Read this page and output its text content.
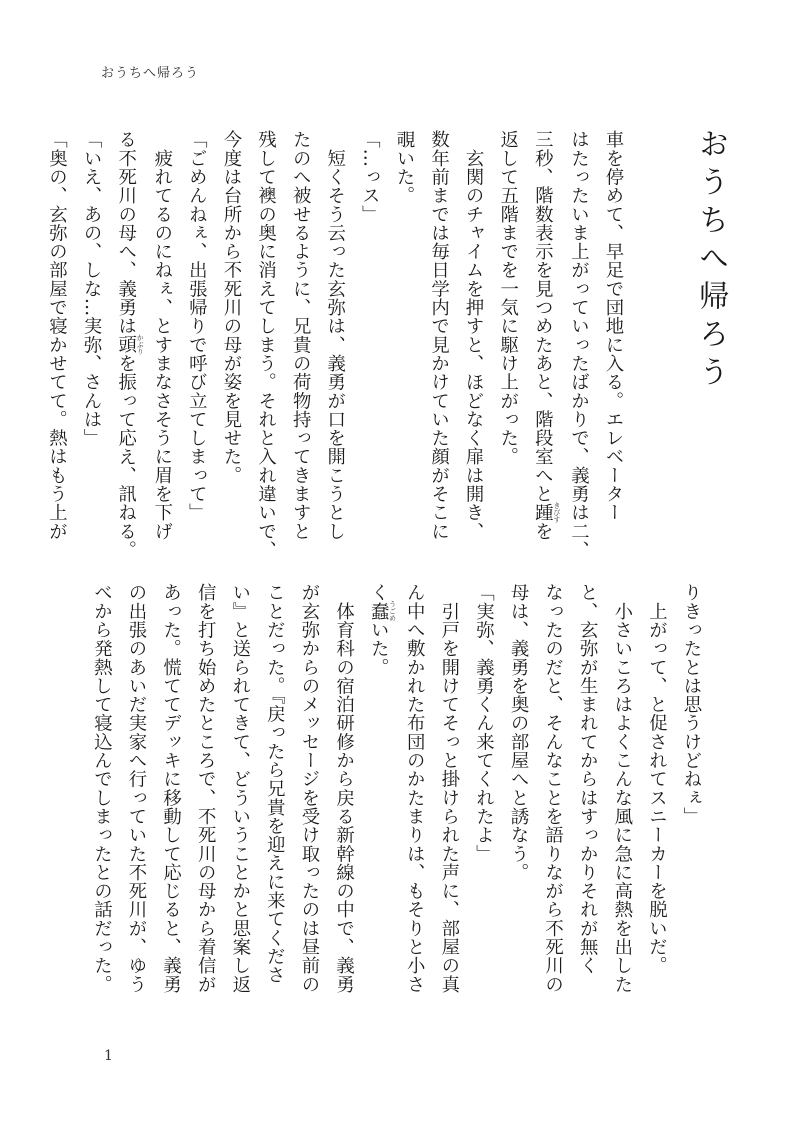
おうちへ帰ろう
おうちへ帰ろう

車を停めて、早足で団地に入る。エレベーター

はたったいま上がっていったばかりで、義勇は二、

三秒、階数表示を見つめたあと、階段室へと踵 きびすを

返して五階までを一気に駆け上がった。

　玄関のチャイムを押すと、ほどなく扉は開き、

数年前までは毎日学内で見かけていた顔がそこに

覗いた。

「…っス」

　短くそう云った玄弥は、義勇が口を開こうとし

たのへ被せるように、兄貴の荷物持ってきますと

残して襖の奥に消えてしまう。それと入れ違いで、

今度は台所から不死川の母が姿を見せた。

「ごめんねぇ、出張帰りで呼び立てしまって」

　疲れてるのにねぇ、とすまなさそうに眉を下げ

る不死川の母へ、義勇は頭 かぶりを振って応え、訊ねる。

「いえ、あの、しな…実弥、さんは」

「奥の、玄弥の部屋で寝かせてて。熱はもう上が

りきったとは思うけどねぇ」

　上がって、と促されてスニーカーを脱いだ。

　小さいころはよくこんな風に急に高熱を出した

と、玄弥が生まれてからはすっかりそれが無く

なったのだと、そんなことを語りながら不死川の

母は、義勇を奥の部屋へと誘なう。

「実弥、義勇くん来てくれたよ」

　引戸を開けてそっと掛けられた声に、部屋の真

ん中へ敷かれた布団のかたまりは、もそりと小さ

く蠢 うごめいた。

　体育科の宿泊研修から戻る新幹線の中で、義勇

が玄弥からのメッセージを受け取ったのは昼前の

ことだった。『戻ったら兄貴を迎えに来てくださ

い』と送られてきて、どういうことかと思案し返

信を打ち始めたところで、不死川の母から着信が

あった。慌ててデッキに移動して応じると、義勇

の出張のあいだ実家へ行っていた不死川が、ゆう

べから発熱して寝込んでしまったとの話だった。

1
